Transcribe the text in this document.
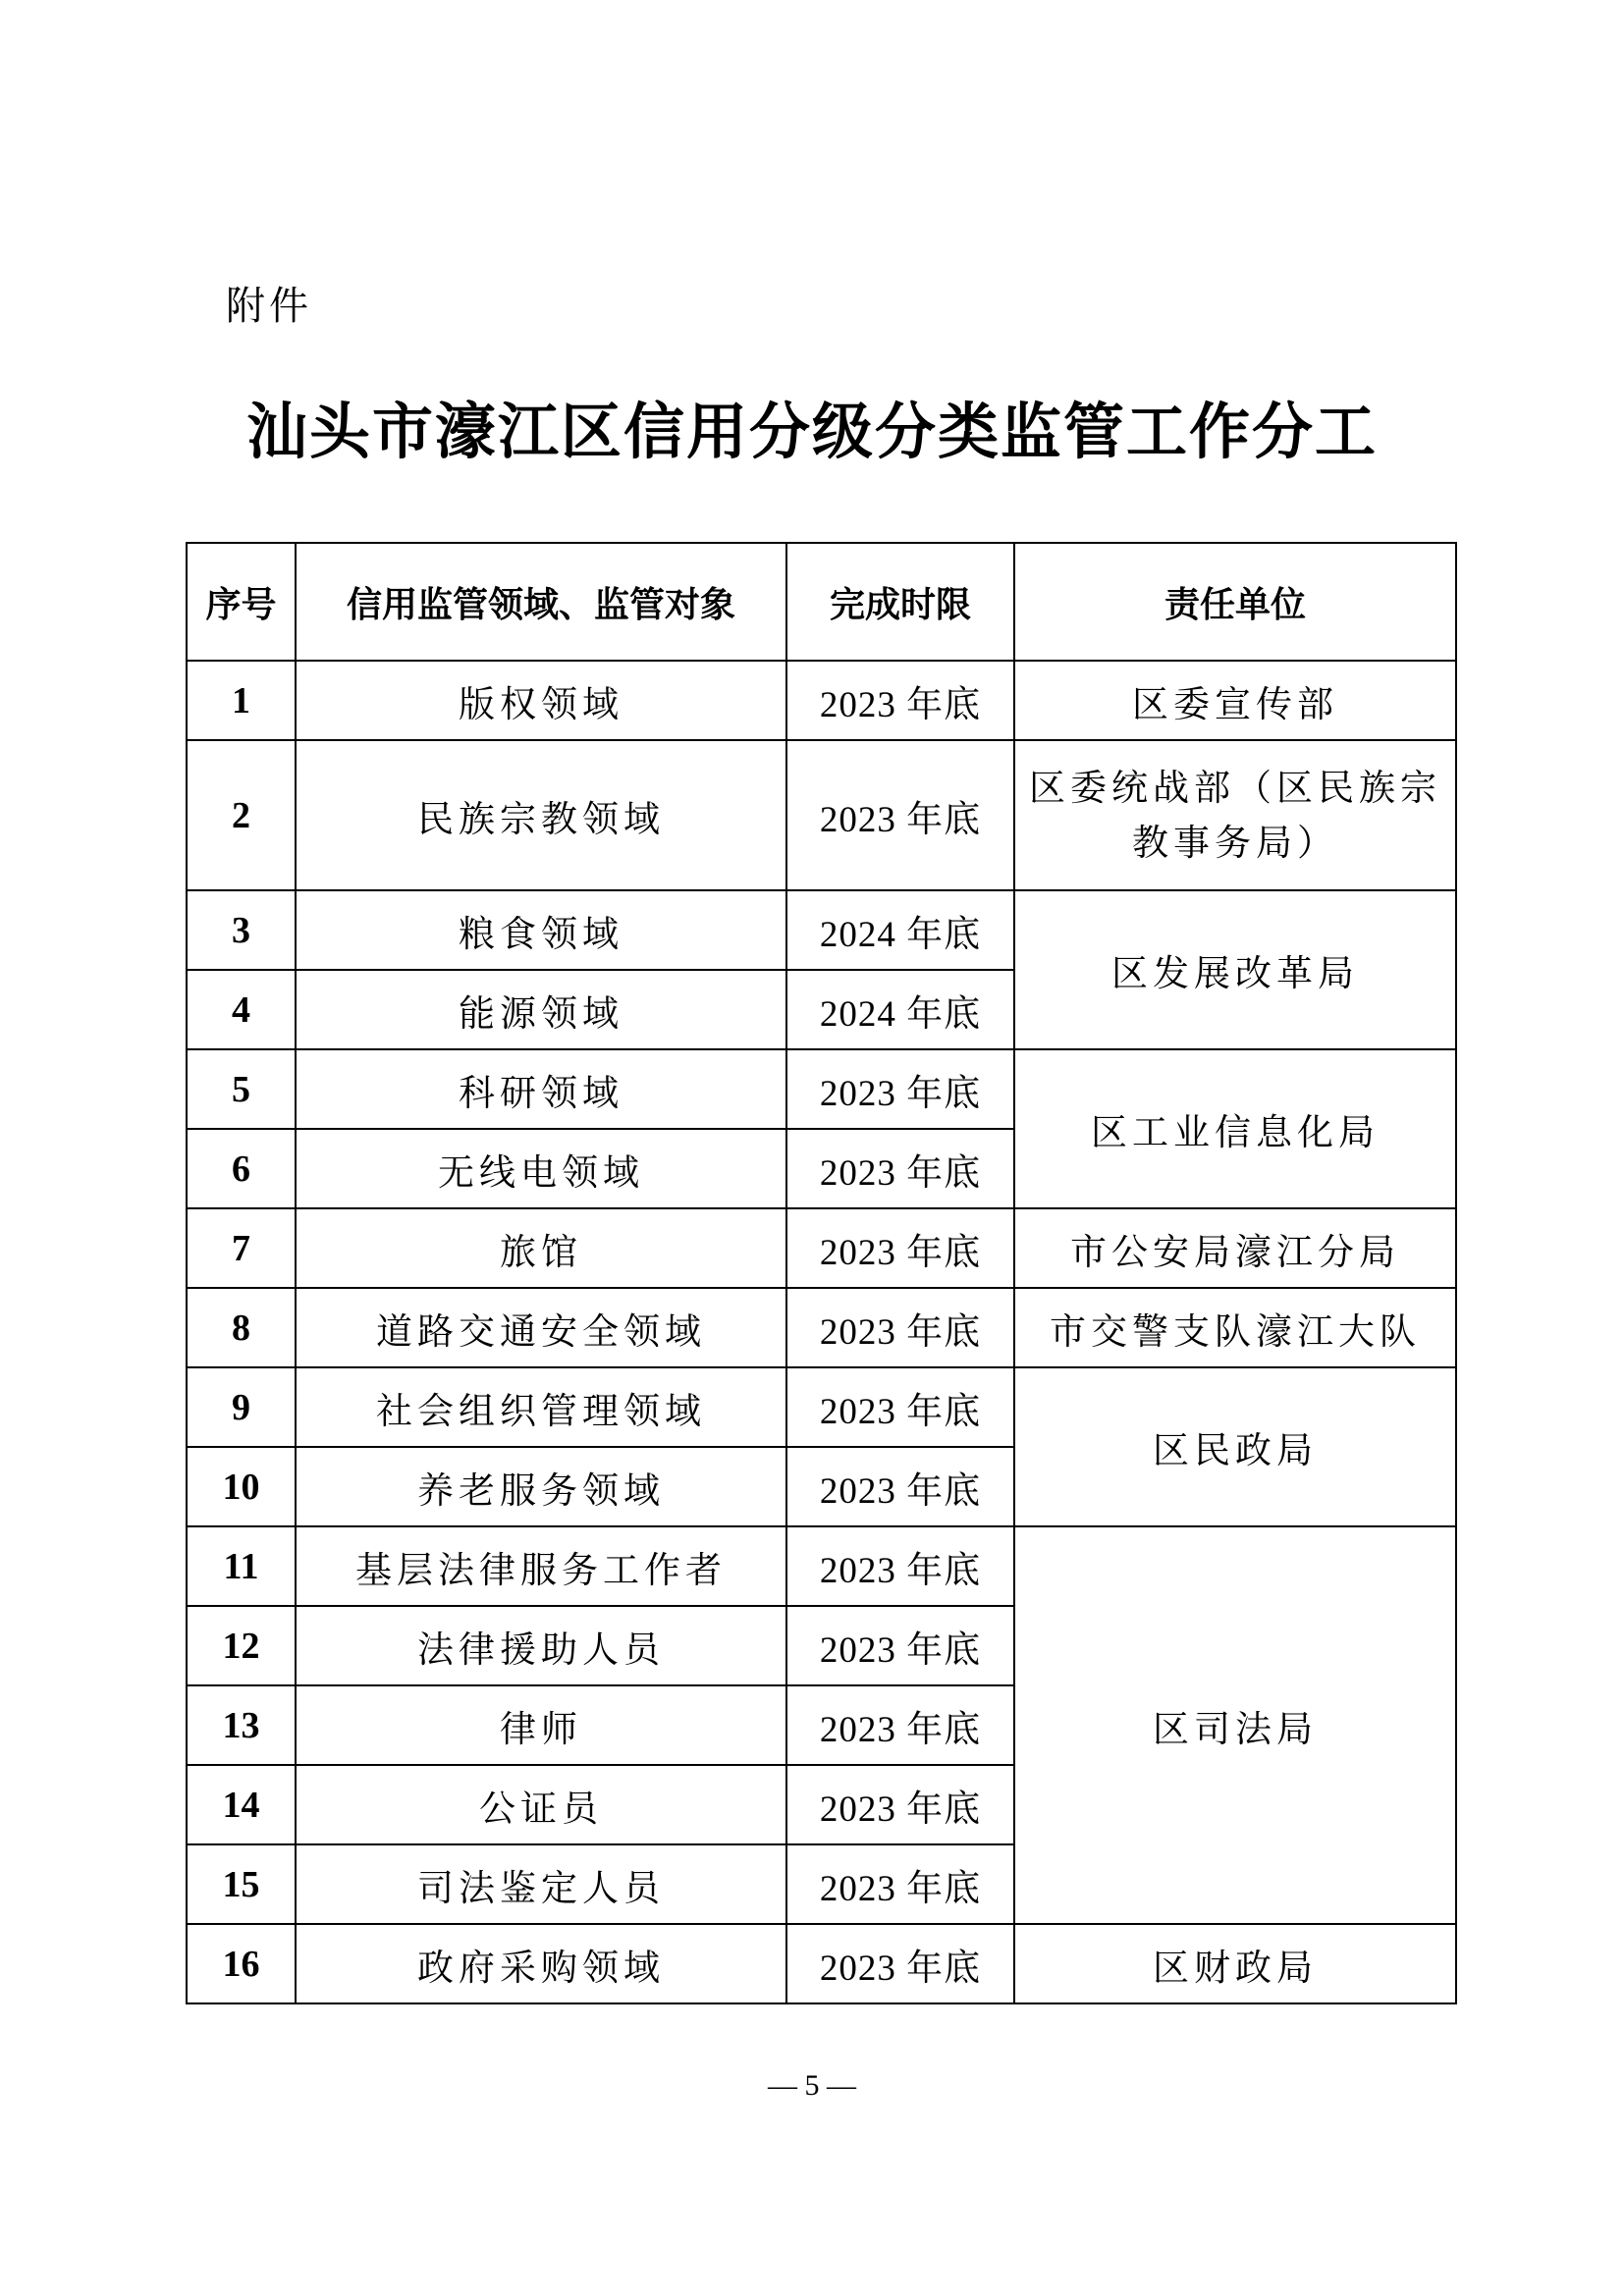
附件
汕头市濠江区信用分级分类监管工作分工
序号	信用监管领域、监管对象	完成时限	责任单位
1	版权领域	2023 年底	区委宣传部
2	民族宗教领域	2023 年底	区委统战部（区民族宗教事务局）
3	粮食领域	2024 年底	区发展改革局
4	能源领域	2024 年底	
5	科研领域	2023 年底	区工业信息化局
6	无线电领域	2023 年底	
7	旅馆	2023 年底	市公安局濠江分局
8	道路交通安全领域	2023 年底	市交警支队濠江大队
9	社会组织管理领域	2023 年底	区民政局
10	养老服务领域	2023 年底	
11	基层法律服务工作者	2023 年底	区司法局
12	法律援助人员	2023 年底	
13	律师	2023 年底	
14	公证员	2023 年底	
15	司法鉴定人员	2023 年底	
16	政府采购领域	2023 年底	区财政局
— 5 —
